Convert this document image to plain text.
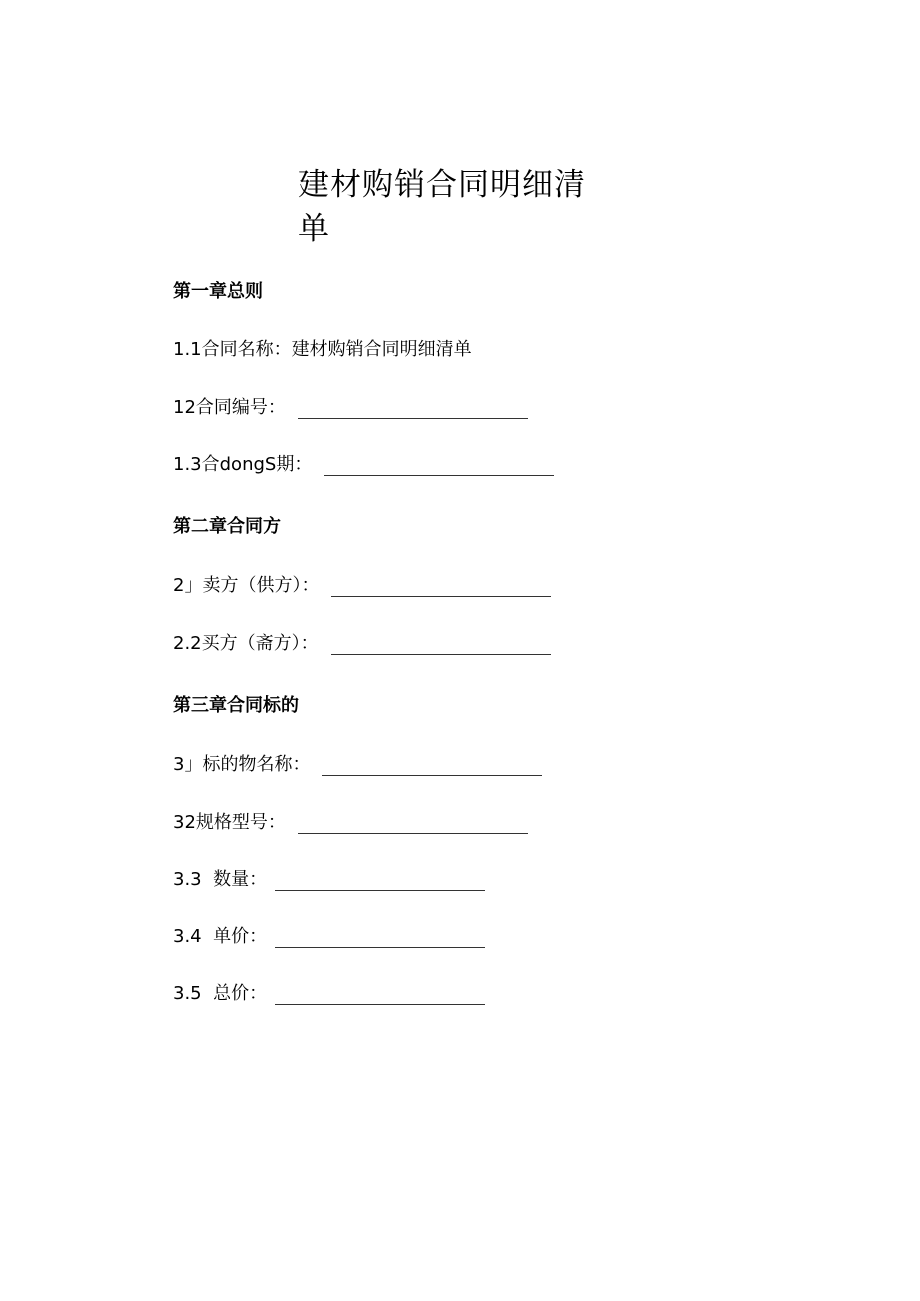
建材购销合同明细清单
第一章总则
1.1合同名称：建材购销合同明细清单
12合同编号：
1.3合dongS期：
第二章合同方
2」卖方（供方）：
2.2买方（斋方）：
第三章合同标的
3」标的物名称：
32规格型号：
3.3  数量：
3.4  单价：
3.5  总价：
